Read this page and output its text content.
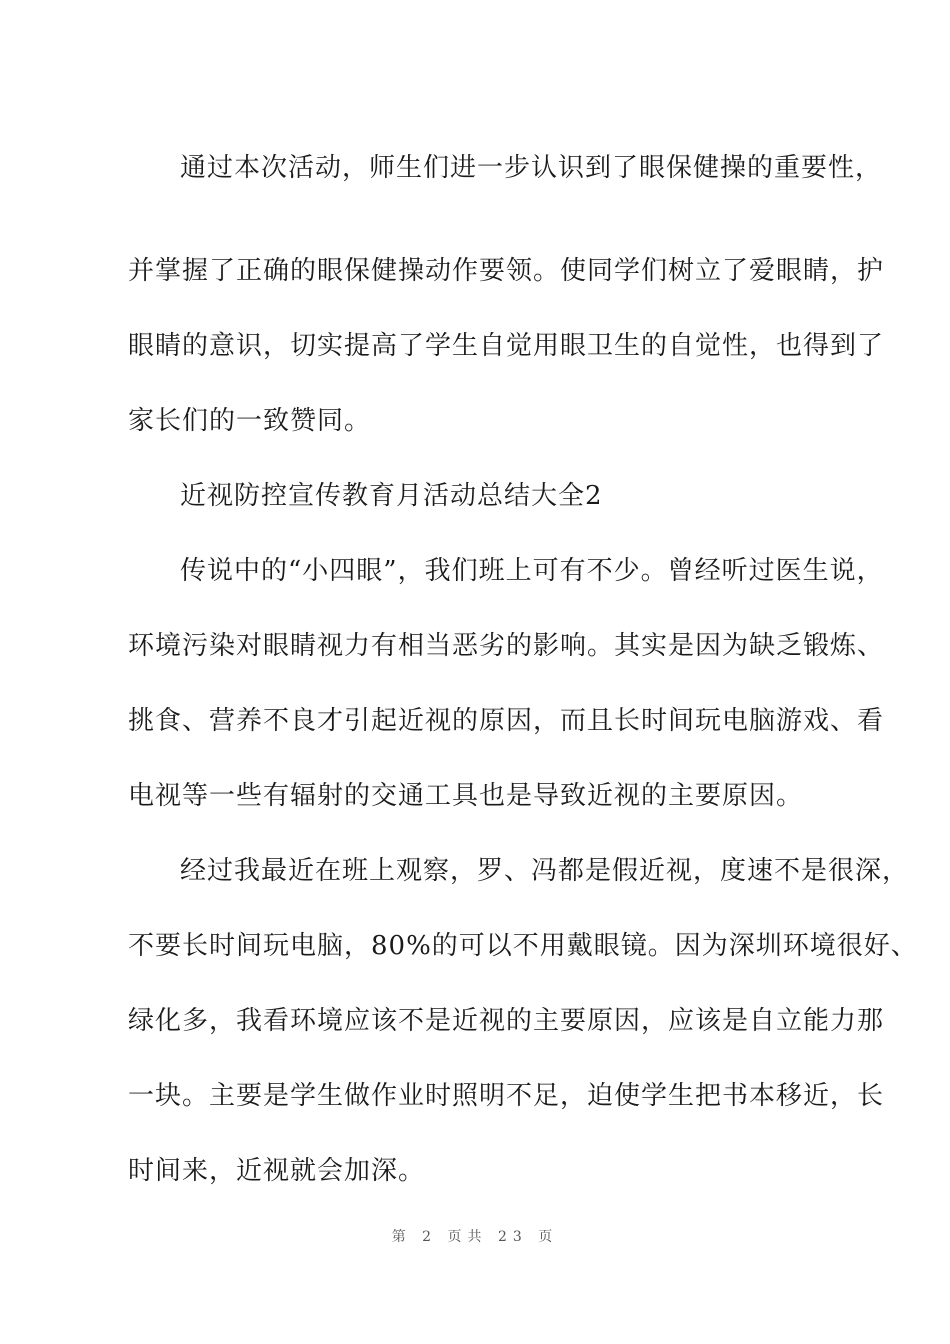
通过本次活动，师生们进一步认识到了眼保健操的重要性，
并掌握了正确的眼保健操动作要领。使同学们树立了爱眼睛，护
眼睛的意识，切实提高了学生自觉用眼卫生的自觉性，也得到了
家长们的一致赞同。
近视防控宣传教育月活动总结大全2
传说中的“小四眼”，我们班上可有不少。曾经听过医生说，
环境污染对眼睛视力有相当恶劣的影响。其实是因为缺乏锻炼、
挑食、营养不良才引起近视的原因，而且长时间玩电脑游戏、看
电视等一些有辐射的交通工具也是导致近视的主要原因。
经过我最近在班上观察，罗、冯都是假近视，度速不是很深，
不要长时间玩电脑，80%的可以不用戴眼镜。因为深圳环境很好、
绿化多，我看环境应该不是近视的主要原因，应该是自立能力那
一块。主要是学生做作业时照明不足，迫使学生把书本移近，长
时间来，近视就会加深。
第 2 页共 23 页
